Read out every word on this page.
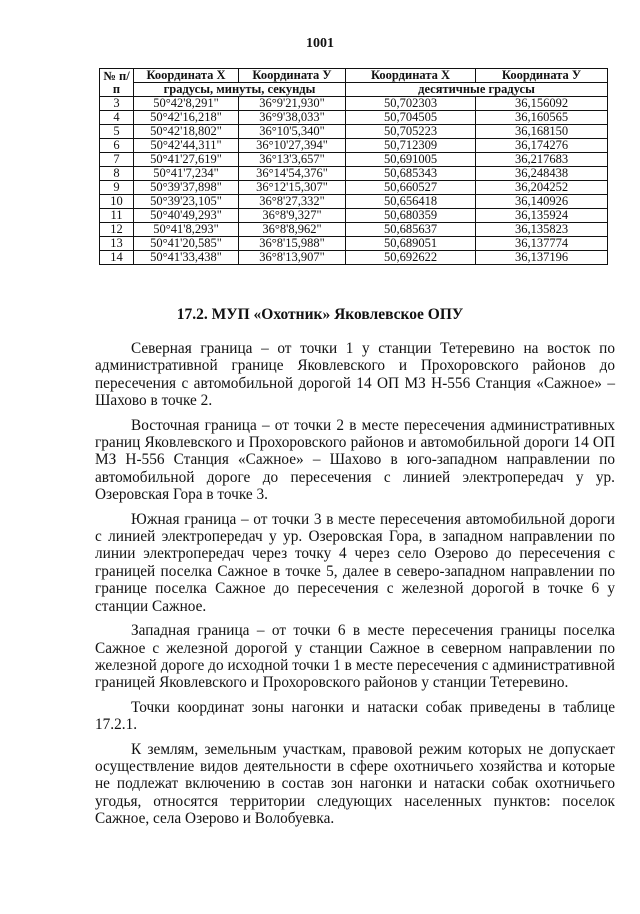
1001
№ п/п	Координата Х	Координата У	Координата Х	Координата У
	градусы, минуты, секунды		десятичные градусы	
3	50°42'8,291"	36°9'21,930"	50,702303	36,156092
4	50°42'16,218"	36°9'38,033"	50,704505	36,160565
5	50°42'18,802"	36°10'5,340"	50,705223	36,168150
6	50°42'44,311"	36°10'27,394"	50,712309	36,174276
7	50°41'27,619"	36°13'3,657"	50,691005	36,217683
8	50°41'7,234"	36°14'54,376"	50,685343	36,248438
9	50°39'37,898"	36°12'15,307"	50,660527	36,204252
10	50°39'23,105"	36°8'27,332"	50,656418	36,140926
11	50°40'49,293"	36°8'9,327"	50,680359	36,135924
12	50°41'8,293"	36°8'8,962"	50,685637	36,135823
13	50°41'20,585"	36°8'15,988"	50,689051	36,137774
14	50°41'33,438"	36°8'13,907"	50,692622	36,137196
17.2. МУП «Охотник» Яковлевское ОПУ

Северная граница – от точки 1 у станции Тетеревино на восток по административной границе Яковлевского и Прохоровского районов до пересечения с автомобильной дорогой 14 ОП МЗ Н-556 Станция «Сажное» – Шахово в точке 2.

Восточная граница – от точки 2 в месте пересечения административных границ Яковлевского и Прохоровского районов и автомобильной дороги 14 ОП МЗ Н-556 Станция «Сажное» – Шахово в юго-западном направлении по автомобильной дороге до пересечения с линией электропередач у ур. Озеровская Гора в точке 3.

Южная граница – от точки 3 в месте пересечения автомобильной дороги с линией электропередач у ур. Озеровская Гора, в западном направлении по линии электропередач через точку 4 через село Озерово до пересечения с границей поселка Сажное в точке 5, далее в северо-западном направлении по границе поселка Сажное до пересечения с железной дорогой в точке 6 у станции Сажное.

Западная граница – от точки 6 в месте пересечения границы поселка Сажное с железной дорогой у станции Сажное в северном направлении по железной дороге до исходной точки 1 в месте пересечения с административной границей Яковлевского и Прохоровского районов у станции Тетеревино.

Точки координат зоны нагонки и натаски собак приведены в таблице 17.2.1.

К землям, земельным участкам, правовой режим которых не допускает осуществление видов деятельности в сфере охотничьего хозяйства и которые не подлежат включению в состав зон нагонки и натаски собак охотничьего угодья, относятся территории следующих населенных пунктов: поселок Сажное, села Озерово и Волобуевка.
